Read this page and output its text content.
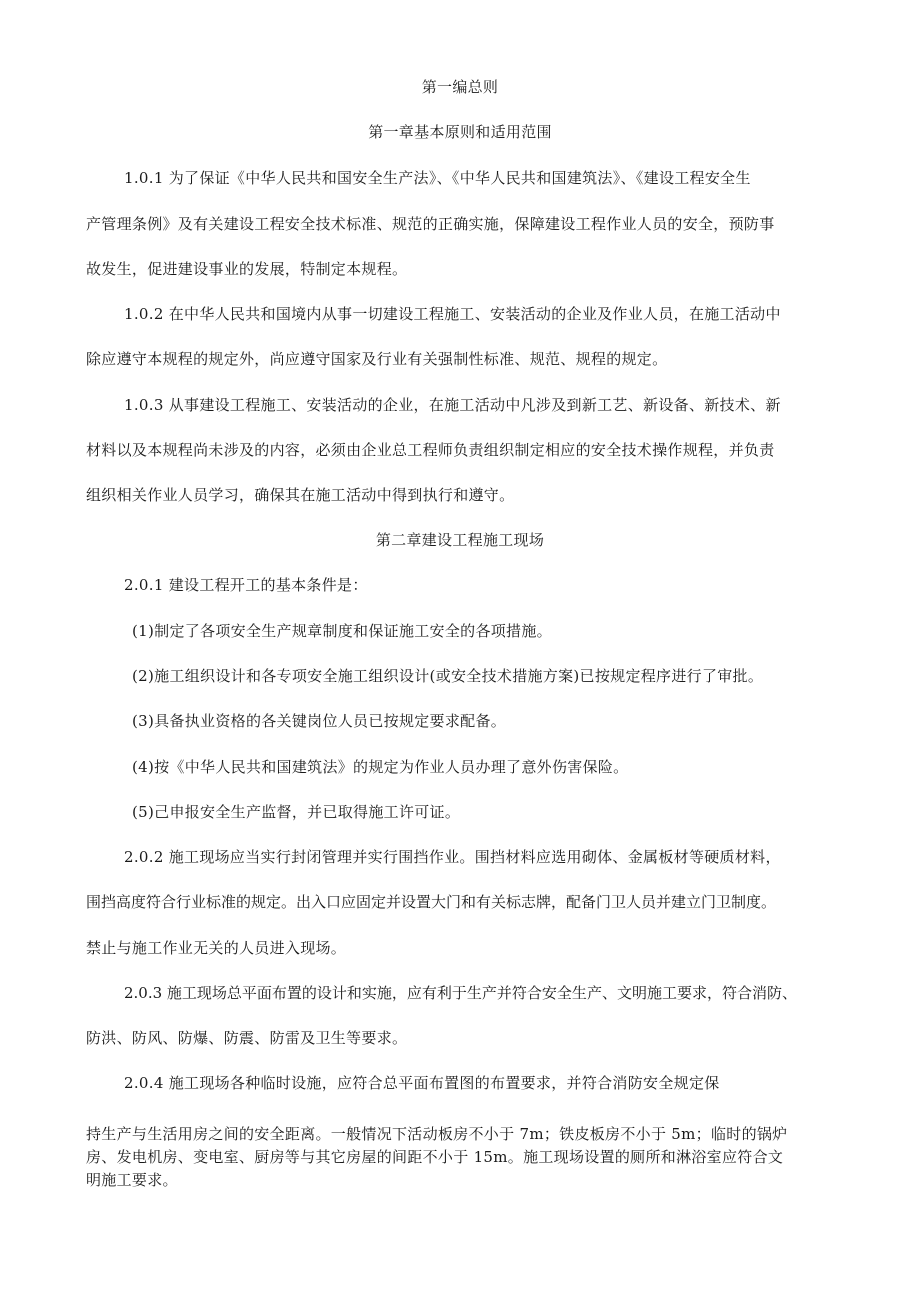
第一编总则
第一章基本原则和适用范围
1.0.1 为了保证《中华人民共和国安全生产法》、《中华人民共和国建筑法》、《建设工程安全生
产管理条例》及有关建设工程安全技术标准、规范的正确实施，保障建设工程作业人员的安全，预防事
故发生，促进建设事业的发展，特制定本规程。
1.0.2 在中华人民共和国境内从事一切建设工程施工、安装活动的企业及作业人员，在施工活动中
除应遵守本规程的规定外，尚应遵守国家及行业有关强制性标准、规范、规程的规定。
1.0.3 从事建设工程施工、安装活动的企业，在施工活动中凡涉及到新工艺、新设备、新技术、新
材料以及本规程尚未涉及的内容，必须由企业总工程师负责组织制定相应的安全技术操作规程，并负责
组织相关作业人员学习，确保其在施工活动中得到执行和遵守。
第二章建设工程施工现场
2.0.1 建设工程开工的基本条件是：
(1)制定了各项安全生产规章制度和保证施工安全的各项措施。
(2)施工组织设计和各专项安全施工组织设计(或安全技术措施方案)已按规定程序进行了审批。
(3)具备执业资格的各关键岗位人员已按规定要求配备。
(4)按《中华人民共和国建筑法》的规定为作业人员办理了意外伤害保险。
(5)己申报安全生产监督，并已取得施工许可证。
2.0.2 施工现场应当实行封闭管理并实行围挡作业。围挡材料应选用砌体、金属板材等硬质材料，
围挡高度符合行业标准的规定。出入口应固定并设置大门和有关标志牌，配备门卫人员并建立门卫制度。
禁止与施工作业无关的人员进入现场。
2.0.3 施工现场总平面布置的设计和实施，应有利于生产并符合安全生产、文明施工要求，符合消防、
防洪、防风、防爆、防震、防雷及卫生等要求。
2.0.4 施工现场各种临时设施，应符合总平面布置图的布置要求，并符合消防安全规定保
持生产与生活用房之间的安全距离。一般情况下活动板房不小于 7m；铁皮板房不小于 5m；临时的锅炉
房、发电机房、变电室、厨房等与其它房屋的间距不小于 15m。施工现场设置的厕所和淋浴室应符合文
明施工要求。
